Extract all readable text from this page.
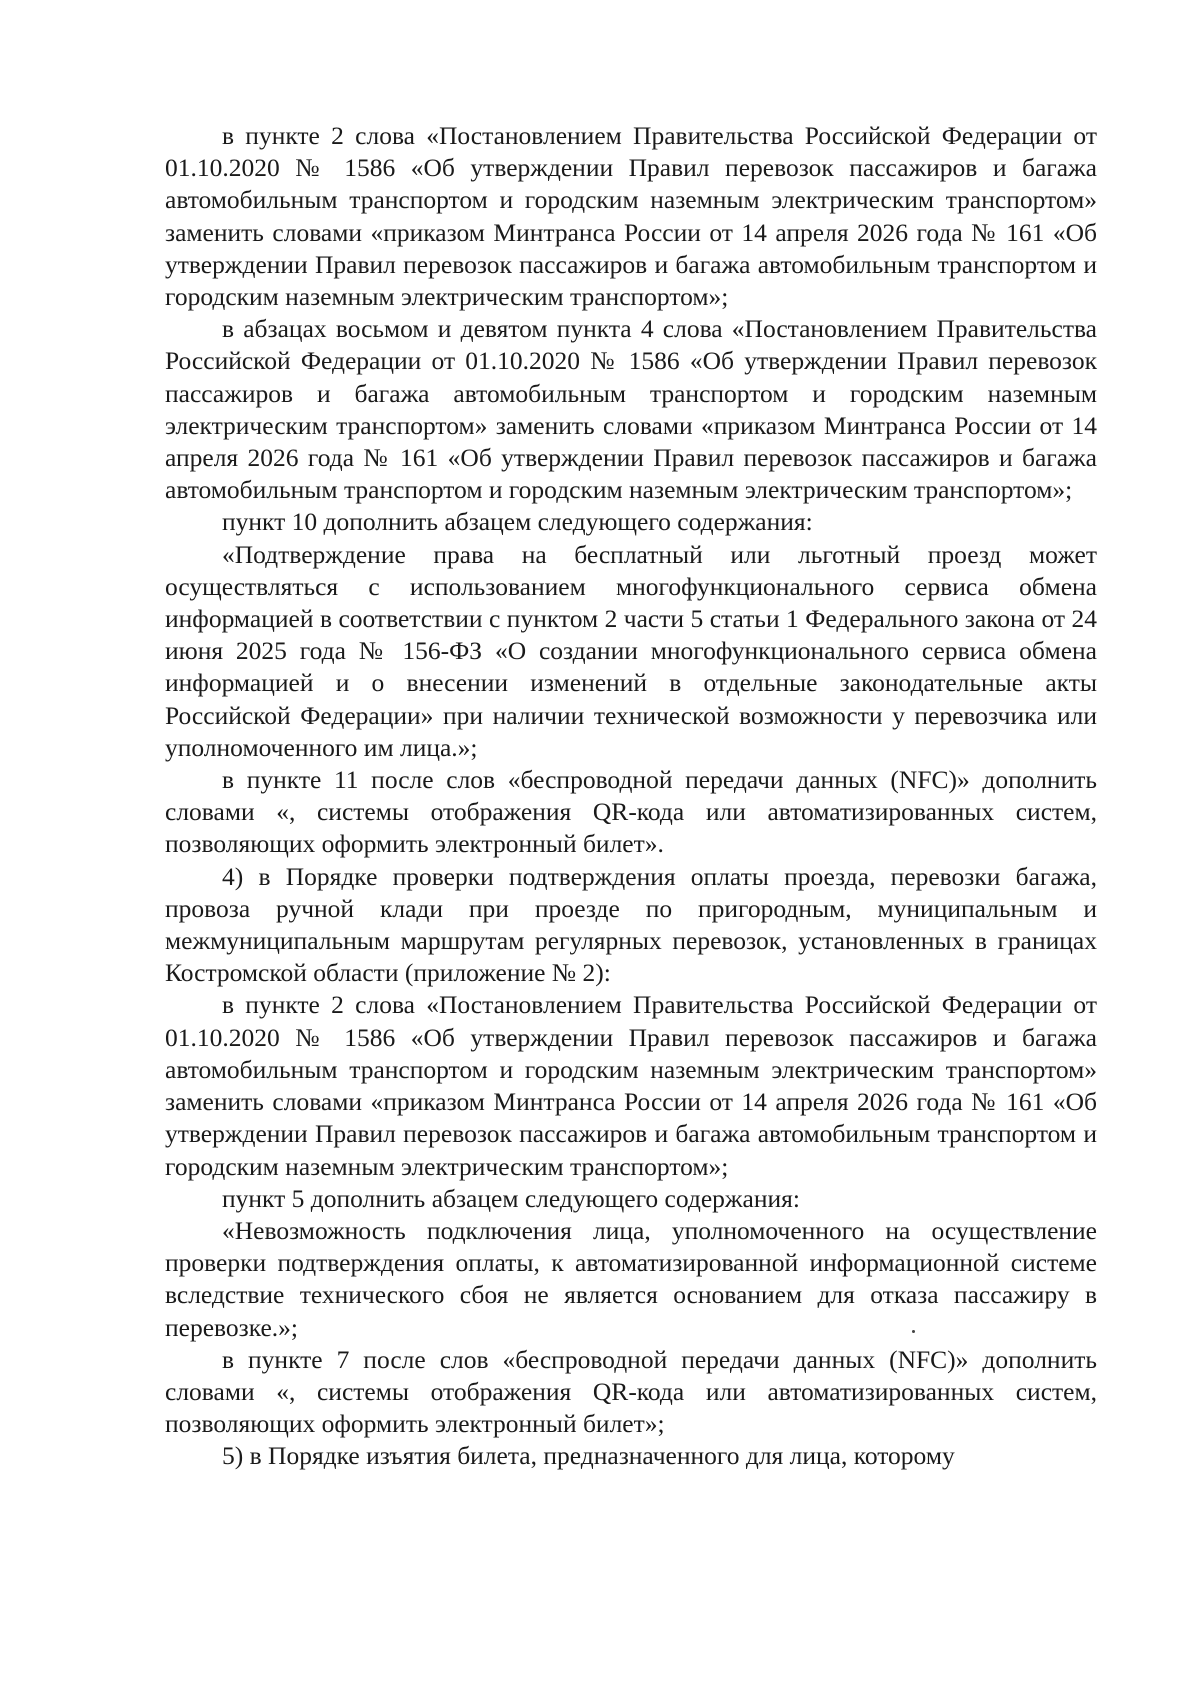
в пункте 2 слова «Постановлением Правительства Российской Федерации от 01.10.2020 № 1586 «Об утверждении Правил перевозок пассажиров и багажа автомобильным транспортом и городским наземным электрическим транспортом» заменить словами «приказом Минтранса России от 14 апреля 2026 года № 161 «Об утверждении Правил перевозок пассажиров и багажа автомобильным транспортом и городским наземным электрическим транспортом»;

в абзацах восьмом и девятом пункта 4 слова «Постановлением Правительства Российской Федерации от 01.10.2020 № 1586 «Об утверждении Правил перевозок пассажиров и багажа автомобильным транспортом и городским наземным электрическим транспортом» заменить словами «приказом Минтранса России от 14 апреля 2026 года № 161 «Об утверждении Правил перевозок пассажиров и багажа автомобильным транспортом и городским наземным электрическим транспортом»;

пункт 10 дополнить абзацем следующего содержания:

«Подтверждение права на бесплатный или льготный проезд может осуществляться с использованием многофункционального сервиса обмена информацией в соответствии с пунктом 2 части 5 статьи 1 Федерального закона от 24 июня 2025 года № 156-ФЗ «О создании многофункционального сервиса обмена информацией и о внесении изменений в отдельные законодательные акты Российской Федерации» при наличии технической возможности у перевозчика или уполномоченного им лица.»;

в пункте 11 после слов «беспроводной передачи данных (NFC)» дополнить словами «, системы отображения QR-кода или автоматизированных систем, позволяющих оформить электронный билет».

4) в Порядке проверки подтверждения оплаты проезда, перевозки багажа, провоза ручной клади при проезде по пригородным, муниципальным и межмуниципальным маршрутам регулярных перевозок, установленных в границах Костромской области (приложение № 2):

в пункте 2 слова «Постановлением Правительства Российской Федерации от 01.10.2020 № 1586 «Об утверждении Правил перевозок пассажиров и багажа автомобильным транспортом и городским наземным электрическим транспортом» заменить словами «приказом Минтранса России от 14 апреля 2026 года № 161 «Об утверждении Правил перевозок пассажиров и багажа автомобильным транспортом и городским наземным электрическим транспортом»;

пункт 5 дополнить абзацем следующего содержания:

«Невозможность подключения лица, уполномоченного на осуществление проверки подтверждения оплаты, к автоматизированной информационной системе вследствие технического сбоя не является основанием для отказа пассажиру в перевозке.»;

в пункте 7 после слов «беспроводной передачи данных (NFC)» дополнить словами «, системы отображения QR-кода или автоматизированных систем, позволяющих оформить электронный билет»;

5) в Порядке изъятия билета, предназначенного для лица, которому
